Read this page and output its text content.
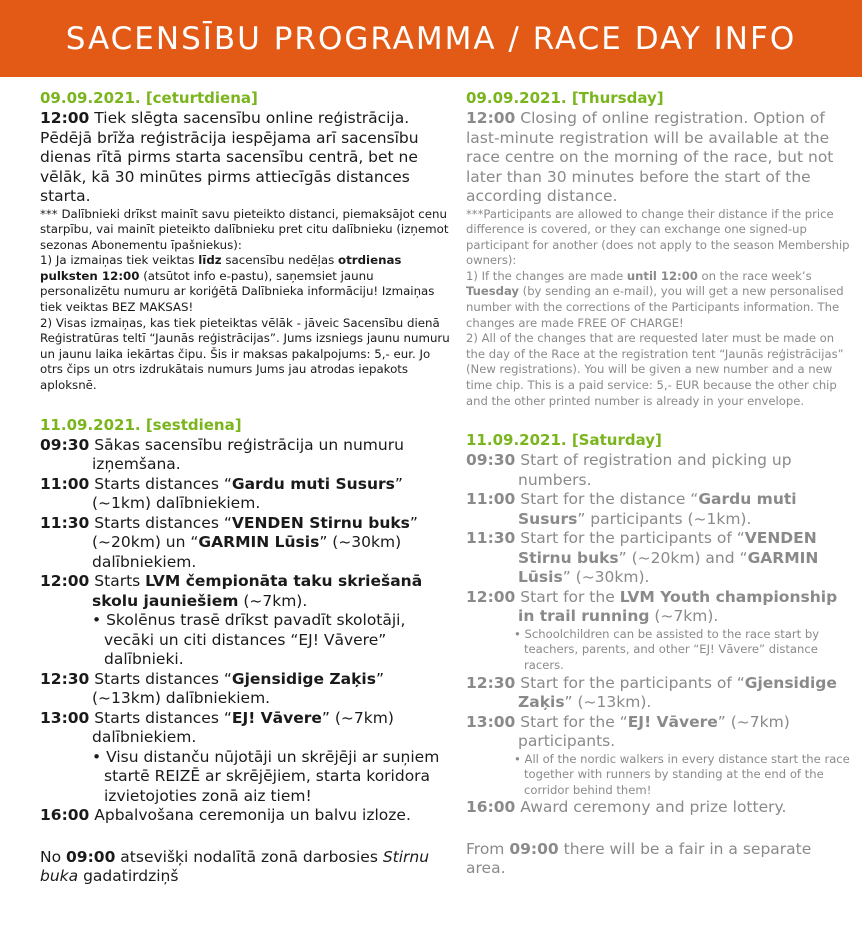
SACENSĪBU PROGRAMMA / RACE DAY INFO
09.09.2021. [ceturtdiena]
12:00 Tiek slēgta sacensību online reģistrācija. Pēdējā brīža reģistrācija iespējama arī sacensību dienas rītā pirms starta sacensību centrā, bet ne vēlāk, kā 30 minūtes pirms attiecīgās distances starta.
*** Dalībnieki drīkst mainīt savu pieteikto distanci, piemaksājot cenu starpību, vai mainīt pieteikto dalībnieku pret citu dalībnieku (izņemot sezonas Abonementu īpašniekus):
1) Ja izmaiņas tiek veiktas līdz sacensību nedēļas otrdienas pulksten 12:00 (atsūtot info e-pastu), saņemsiet jaunu personalizētu numuru ar koriģētā Dalībnieka informāciju! Izmaiņas tiek veiktas BEZ MAKSAS!
2) Visas izmaiņas, kas tiek pieteiktas vēlāk - jāveic Sacensību dienā Reģistratūras teltī “Jaunās reģistrācijas”. Jums izsniegs jaunu numuru un jaunu laika iekārtas čipu. Šis ir maksas pakalpojums: 5,- eur. Jo otrs čips un otrs izdrukātais numurs Jums jau atrodas iepakots aploksnē.
11.09.2021. [sestdiena]
09:30 Sākas sacensību reģistrācija un numuru izņemšana.
11:00 Starts distances “Gardu muti Susurs” (~1km) dalībniekiem.
11:30 Starts distances “VENDEN Stirnu buks” (~20km) un “GARMIN Lūsis” (~30km) dalībniekiem.
12:00 Starts LVM čempionāta taku skriešanā skolu jauniešiem (~7km).
• Skolēnus trasē drīkst pavadīt skolotāji, vecāki un citi distances “EJ! Vāvere” dalībnieki.
12:30 Starts distances “Gjensidige Zaķis” (~13km) dalībniekiem.
13:00 Starts distances “EJ! Vāvere” (~7km) dalībniekiem.
• Visu distanču nūjotāji un skrējēji ar suņiem startē REIZĒ ar skrējējiem, starta koridora izvietojoties zonā aiz tiem!
16:00 Apbalvošana ceremonija un balvu izloze.
No 09:00 atsevišķi nodalītā zonā darbosies Stirnu buka gadatirdziņš
09.09.2021. [Thursday]
12:00 Closing of online registration. Option of last-minute registration will be available at the race centre on the morning of the race, but not later than 30 minutes before the start of the according distance.
***Participants are allowed to change their distance if the price difference is covered, or they can exchange one signed-up participant for another (does not apply to the season Membership owners):
1) If the changes are made until 12:00 on the race week’s Tuesday (by sending an e-mail), you will get a new personalised number with the corrections of the Participants information. The changes are made FREE OF CHARGE!
2) All of the changes that are requested later must be made on the day of the Race at the registration tent “Jaunās reģistrācijas” (New registrations). You will be given a new number and a new time chip. This is a paid service: 5,- EUR because the other chip and the other printed number is already in your envelope.
11.09.2021. [Saturday]
09:30 Start of registration and picking up numbers.
11:00 Start for the distance “Gardu muti Susurs” participants (~1km).
11:30 Start for the participants of “VENDEN Stirnu buks” (~20km) and “GARMIN Lūsis” (~30km).
12:00 Start for the LVM Youth championship in trail running (~7km).
• Schoolchildren can be assisted to the race start by teachers, parents, and other “EJ! Vāvere” distance racers.
12:30 Start for the participants of “Gjensidige Zaķis” (~13km).
13:00 Start for the “EJ! Vāvere” (~7km) participants.
• All of the nordic walkers in every distance start the race together with runners by standing at the end of the corridor behind them!
16:00 Award ceremony and prize lottery.
From 09:00 there will be a fair in a separate area.
